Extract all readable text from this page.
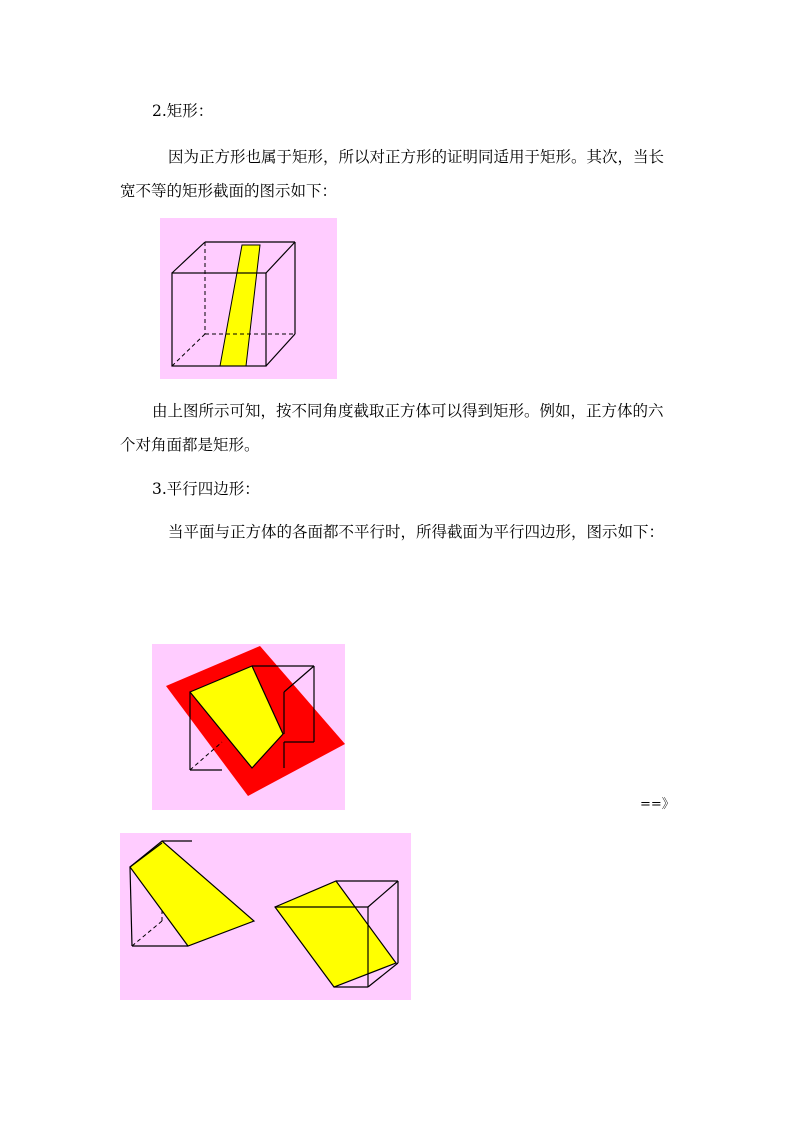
2.矩形：
因为正方形也属于矩形，所以对正方形的证明同适用于矩形。其次，当长宽不等的矩形截面的图示如下：
由上图所示可知，按不同角度截取正方体可以得到矩形。例如，正方体的六个对角面都是矩形。
3.平行四边形：
当平面与正方体的各面都不平行时，所得截面为平行四边形，图示如下：
==》
